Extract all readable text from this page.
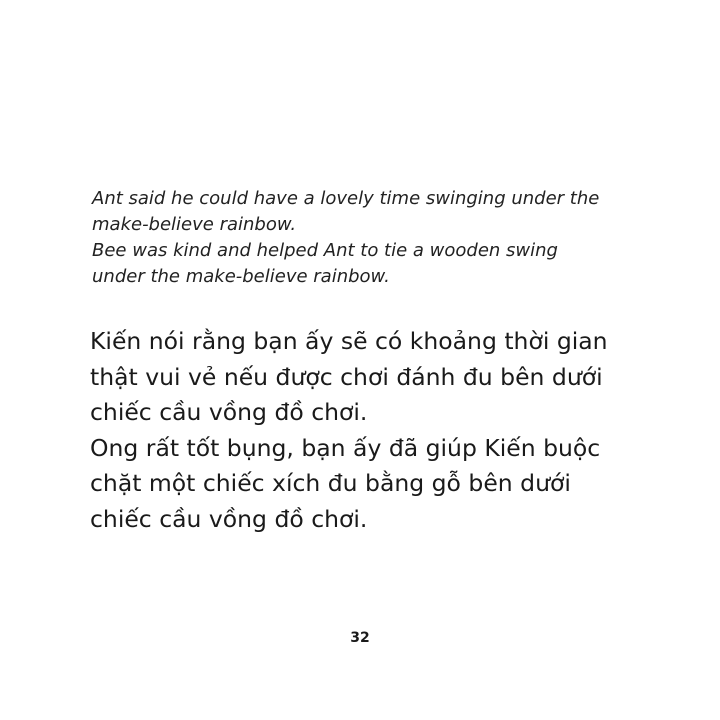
Ant said he could have a lovely time swinging under the
make-believe rainbow.
Bee was kind and helped Ant to tie a wooden swing
under the make-believe rainbow.
Kiến nói rằng bạn ấy sẽ có khoảng thời gian
thật vui vẻ nếu được chơi đánh đu bên dưới
chiếc cầu vồng đồ chơi.
Ong rất tốt bụng, bạn ấy đã giúp Kiến buộc
chặt một chiếc xích đu bằng gỗ bên dưới
chiếc cầu vồng đồ chơi.
32
